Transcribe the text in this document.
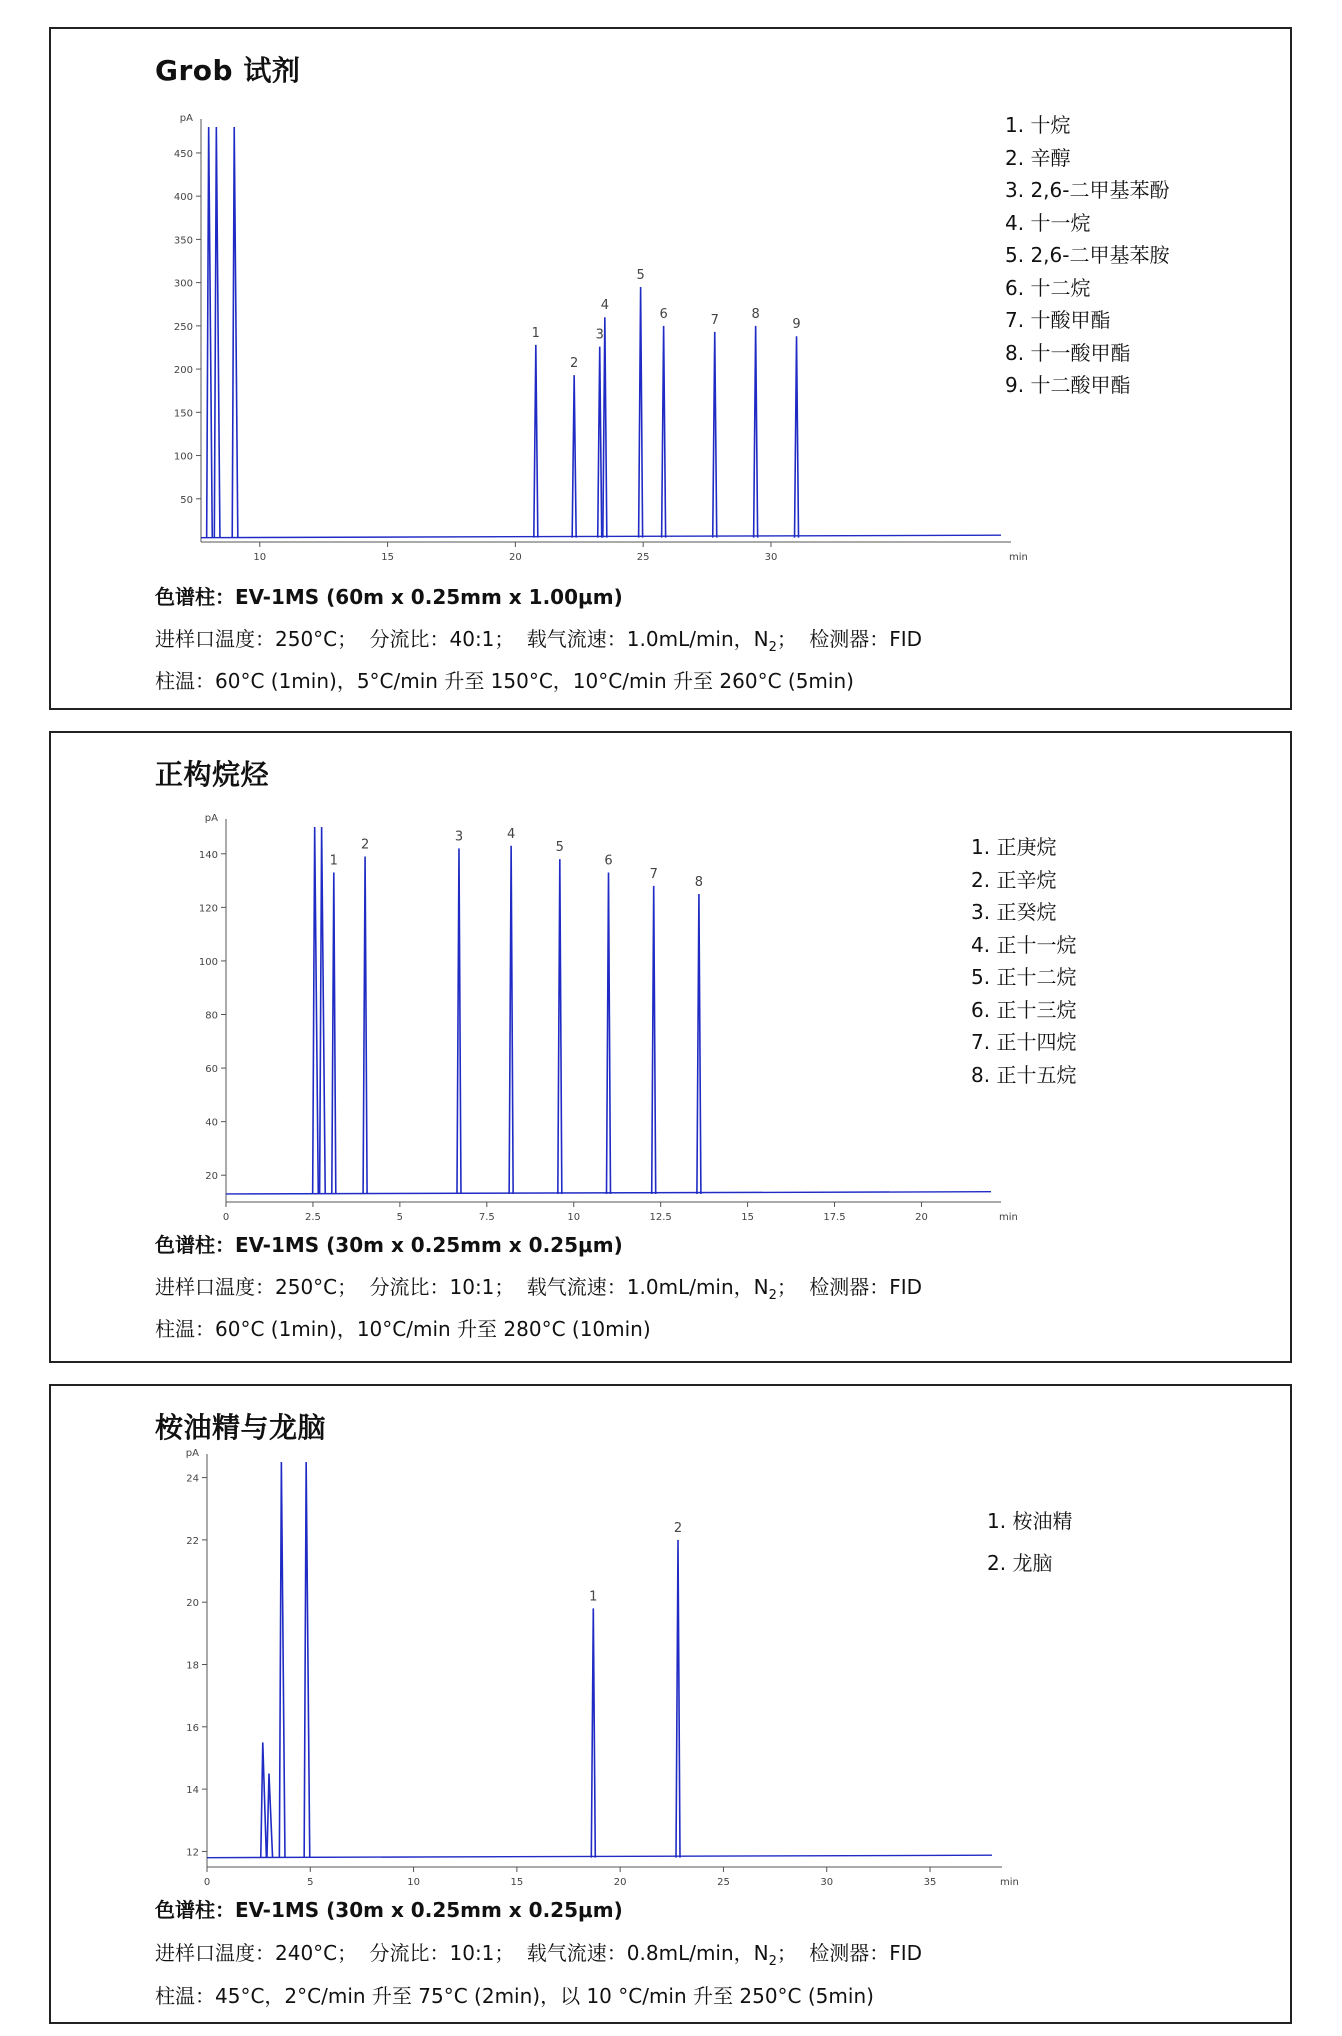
Grob 试剂
50
100
150
200
250
300
350
400
450
pA
10	15	20	25	30	min
1
2
3
4
5
6	7	8
9
1. 十烷
2. 辛醇
3. 2,6-二甲基苯酚
4. 十一烷
5. 2,6-二甲基苯胺
6. 十二烷
7. 十酸甲酯
8. 十一酸甲酯
9. 十二酸甲酯
色谱柱：EV-1MS (60m x 0.25mm x 1.00μm)
进样口温度：250°C； 分流比：40:1； 载气流速：1.0mL/min，$N_2$； 检测器：FID
柱温：60°C (1min)，5°C/min 升至 150°C，10°C/min 升至 260°C (5min)
正构烷烃
20
40
60
80
100
120
140
pA
0	2.5	5	7.5	10	12.5	15	17.5	20	min
1
2
3	4
5
6
7
8
1. 正庚烷
2. 正辛烷
3. 正癸烷
4. 正十一烷
5. 正十二烷
6. 正十三烷
7. 正十四烷
8. 正十五烷
色谱柱：EV-1MS (30m x 0.25mm x 0.25μm)
进样口温度：250°C； 分流比：10:1； 载气流速：1.0mL/min，$N_2$； 检测器：FID
柱温：60°C (1min)，10°C/min 升至 280°C (10min)
桉油精与龙脑
12
14
16
18
20
22
24
pA
0	5	10	15	20	25	30	35	min
1
2	1. 桉油精
2. 龙脑
色谱柱：EV-1MS (30m x 0.25mm x 0.25μm)
进样口温度：240°C； 分流比：10:1； 载气流速：0.8mL/min，$N_2$； 检测器：FID
柱温：45°C，2°C/min 升至 75°C (2min)，以 10 °C/min 升至 250°C (5min)
